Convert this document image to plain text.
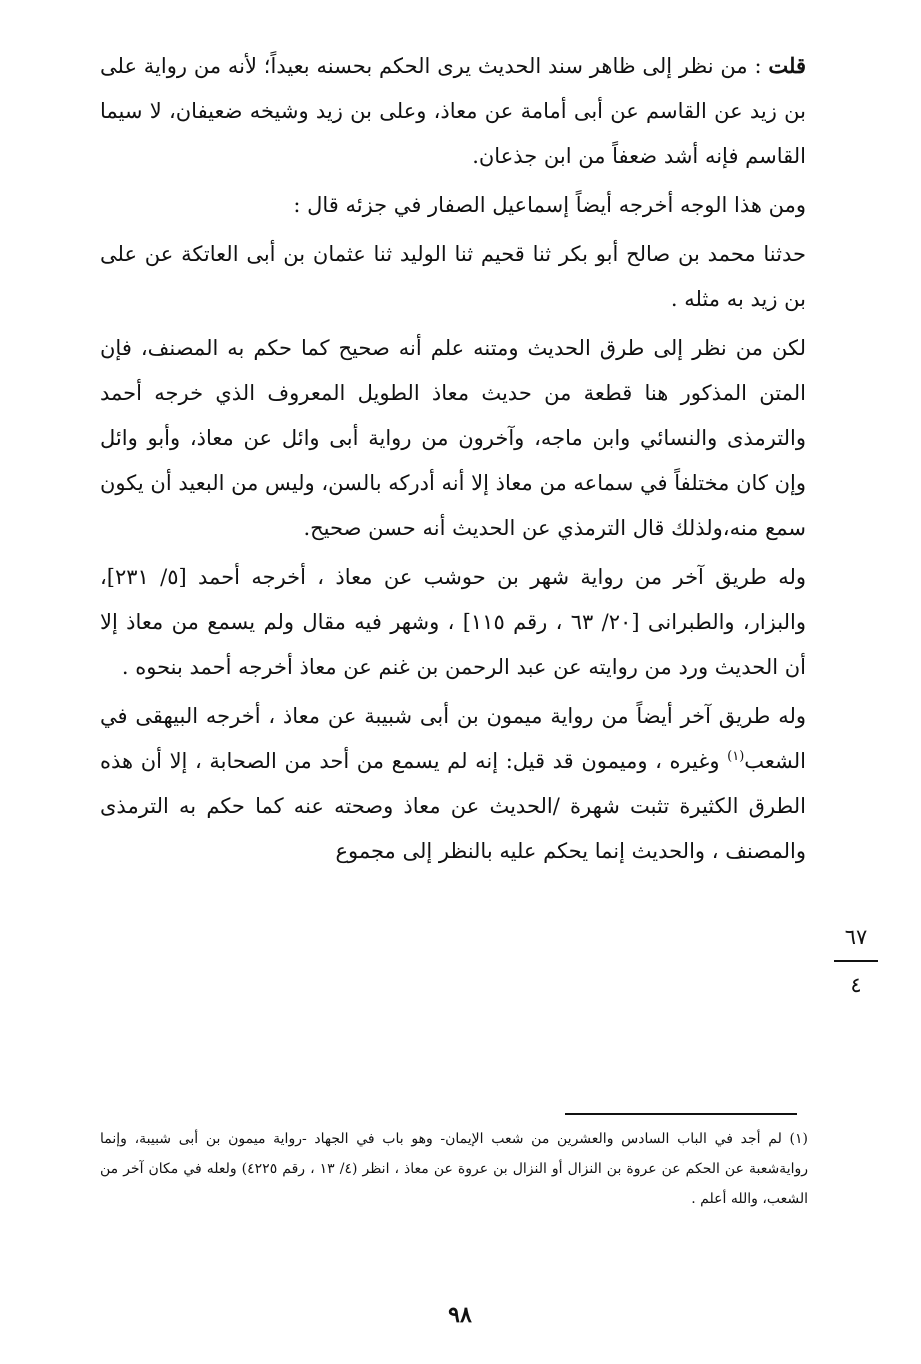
قلت : من نظر إلى ظاهر سند الحديث يرى الحكم بحسنه بعيداً؛ لأنه من رواية على بن زيد عن القاسم عن أبى أمامة عن معاذ، وعلى بن زيد وشيخه ضعيفان، لا سيما القاسم فإنه أشد ضعفاً من ابن جذعان.

ومن هذا الوجه أخرجه أيضاً إسماعيل الصفار في جزئه قال :

حدثنا محمد بن صالح أبو بكر ثنا قحيم ثنا الوليد ثنا عثمان بن أبى العاتكة عن على بن زيد به مثله .

لكن من نظر إلى طرق الحديث ومتنه علم أنه صحيح كما حكم به المصنف، فإن المتن المذكور هنا قطعة من حديث معاذ الطويل المعروف الذي خرجه أحمد والترمذى والنسائي وابن ماجه، وآخرون من رواية أبى وائل عن معاذ، وأبو وائل وإن كان مختلفاً في سماعه من معاذ إلا أنه أدركه بالسن، وليس من البعيد أن يكون سمع منه،ولذلك قال الترمذي عن الحديث أنه حسن صحيح.

وله طريق آخر من رواية شهر بن حوشب عن معاذ ، أخرجه أحمد [٥/ ٢٣١]، والبزار، والطبرانى [٢٠/ ٦٣ ، رقم ١١٥] ، وشهر فيه مقال ولم يسمع من معاذ إلا أن الحديث ورد من روايته عن عبد الرحمن بن غنم عن معاذ أخرجه أحمد بنحوه .

وله طريق آخر أيضاً من رواية ميمون بن أبى شبيبة عن معاذ ، أخرجه البيهقى في الشعب$^{(١)}$ وغيره ، وميمون قد قيل: إنه لم يسمع من أحد من الصحابة ، إلا أن هذه الطرق الكثيرة تثبت شهرة /الحديث عن معاذ وصحته عنه كما حكم به الترمذى والمصنف ، والحديث إنما يحكم عليه بالنظر إلى مجموع

٦٧
٤

(١) لم أجد في الباب السادس والعشرين من شعب الإيمان- وهو باب في الجهاد -رواية ميمون بن أبى شبيبة، وإنما روايةشعبة عن الحكم عن عروة بن النزال أو النزال بن عروة عن معاذ ، انظر (٤/ ١٣ ، رقم ٤٢٢٥) ولعله في مكان آخر من الشعب، والله أعلم .

٩٨
